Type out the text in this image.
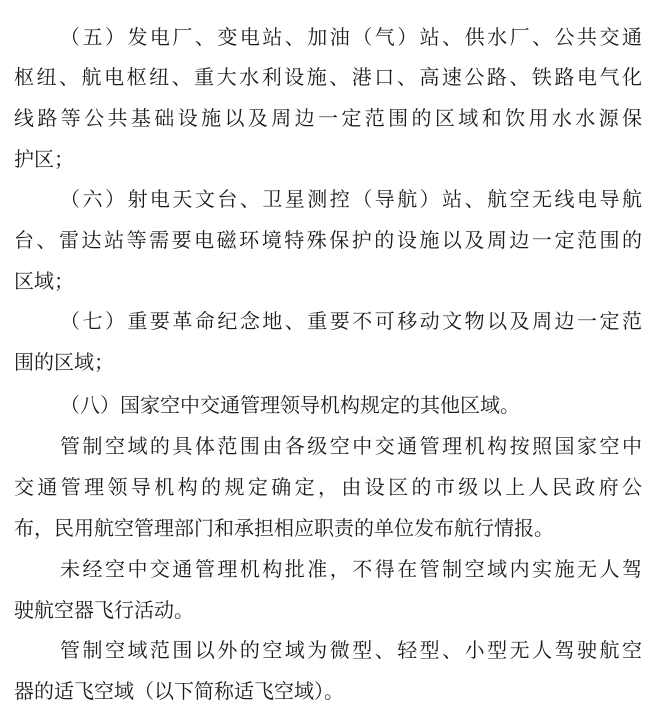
（五）发电厂、变电站、加油（气）站、供水厂、公共交通
枢纽、航电枢纽、重大水利设施、港口、高速公路、铁路电气化
线路等公共基础设施以及周边一定范围的区域和饮用水水源保
护区；
（六）射电天文台、卫星测控（导航）站、航空无线电导航
台、雷达站等需要电磁环境特殊保护的设施以及周边一定范围的
区域；
（七）重要革命纪念地、重要不可移动文物以及周边一定范
围的区域；
（八）国家空中交通管理领导机构规定的其他区域。
管制空域的具体范围由各级空中交通管理机构按照国家空中
交通管理领导机构的规定确定，由设区的市级以上人民政府公
布，民用航空管理部门和承担相应职责的单位发布航行情报。
未经空中交通管理机构批准，不得在管制空域内实施无人驾
驶航空器飞行活动。
管制空域范围以外的空域为微型、轻型、小型无人驾驶航空
器的适飞空域（以下简称适飞空域）。
